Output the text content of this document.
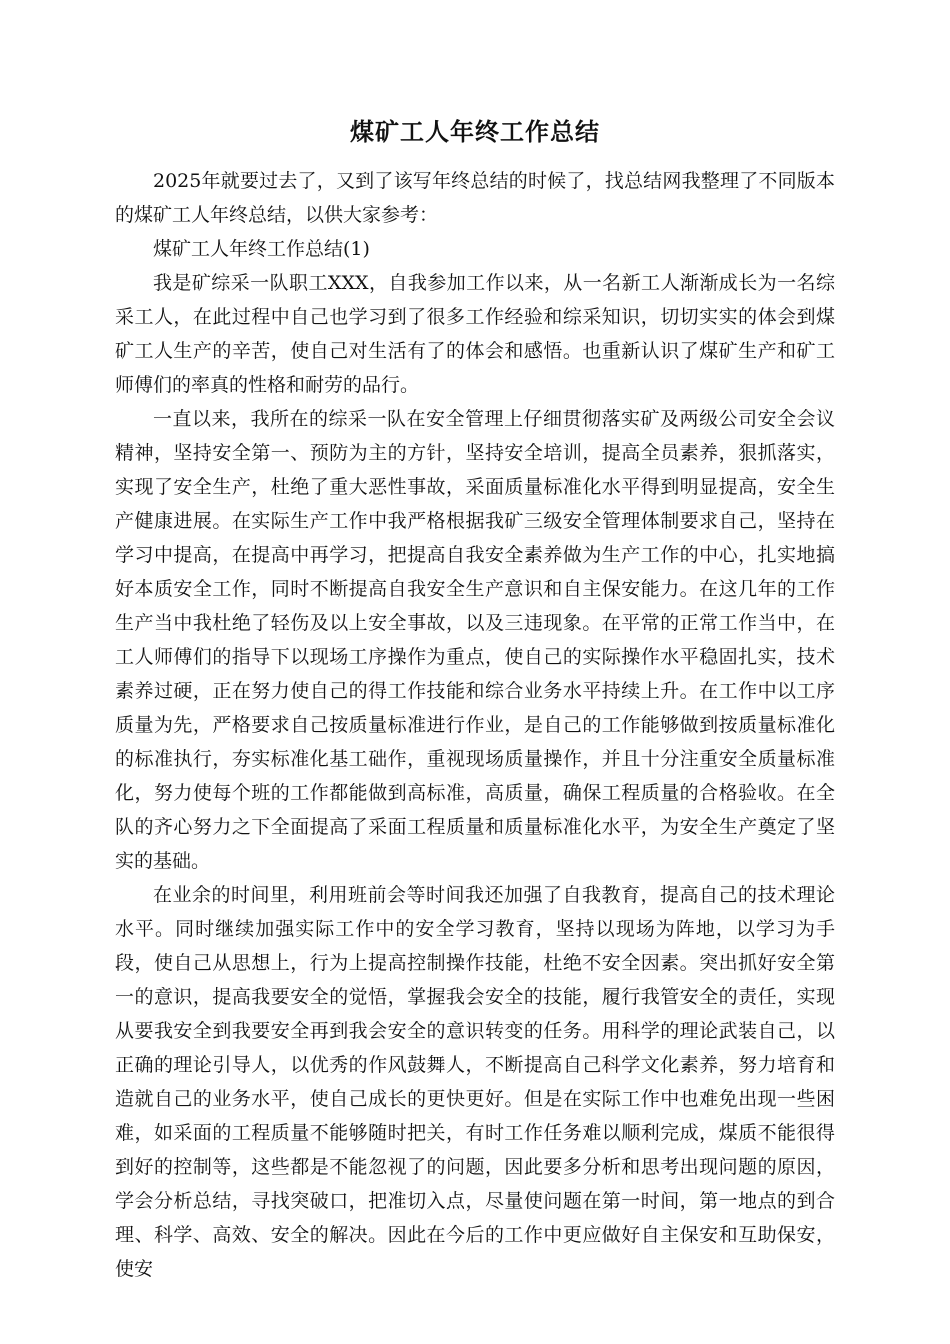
煤矿工人年终工作总结

2025年就要过去了，又到了该写年终总结的时候了，找总结网我整理了不同版本的煤矿工人年终总结，以供大家参考：

煤矿工人年终工作总结(1)

我是矿综采一队职工XXX，自我参加工作以来，从一名新工人渐渐成长为一名综采工人，在此过程中自己也学习到了很多工作经验和综采知识，切切实实的体会到煤矿工人生产的辛苦，使自己对生活有了的体会和感悟。也重新认识了煤矿生产和矿工师傅们的率真的性格和耐劳的品行。

一直以来，我所在的综采一队在安全管理上仔细贯彻落实矿及两级公司安全会议精神，坚持安全第一、预防为主的方针，坚持安全培训，提高全员素养，狠抓落实，实现了安全生产，杜绝了重大恶性事故，采面质量标准化水平得到明显提高，安全生产健康进展。在实际生产工作中我严格根据我矿三级安全管理体制要求自己，坚持在学习中提高，在提高中再学习，把提高自我安全素养做为生产工作的中心，扎实地搞好本质安全工作，同时不断提高自我安全生产意识和自主保安能力。在这几年的工作生产当中我杜绝了轻伤及以上安全事故，以及三违现象。在平常的正常工作当中，在工人师傅们的指导下以现场工序操作为重点，使自己的实际操作水平稳固扎实，技术素养过硬，正在努力使自己的得工作技能和综合业务水平持续上升。在工作中以工序质量为先，严格要求自己按质量标准进行作业，是自己的工作能够做到按质量标准化的标准执行，夯实标准化基工础作，重视现场质量操作，并且十分注重安全质量标准化，努力使每个班的工作都能做到高标准，高质量，确保工程质量的合格验收。在全队的齐心努力之下全面提高了采面工程质量和质量标准化水平，为安全生产奠定了坚实的基础。

在业余的时间里，利用班前会等时间我还加强了自我教育，提高自己的技术理论水平。同时继续加强实际工作中的安全学习教育，坚持以现场为阵地，以学习为手段，使自己从思想上，行为上提高控制操作技能，杜绝不安全因素。突出抓好安全第一的意识，提高我要安全的觉悟，掌握我会安全的技能，履行我管安全的责任，实现从要我安全到我要安全再到我会安全的意识转变的任务。用科学的理论武装自己，以正确的理论引导人，以优秀的作风鼓舞人，不断提高自己科学文化素养，努力培育和造就自己的业务水平，使自己成长的更快更好。但是在实际工作中也难免出现一些困难，如采面的工程质量不能够随时把关，有时工作任务难以顺利完成，煤质不能很得到好的控制等，这些都是不能忽视了的问题，因此要多分析和思考出现问题的原因，学会分析总结，寻找突破口，把准切入点，尽量使问题在第一时间，第一地点的到合理、科学、高效、安全的解决。因此在今后的工作中更应做好自主保安和互助保安，使安
